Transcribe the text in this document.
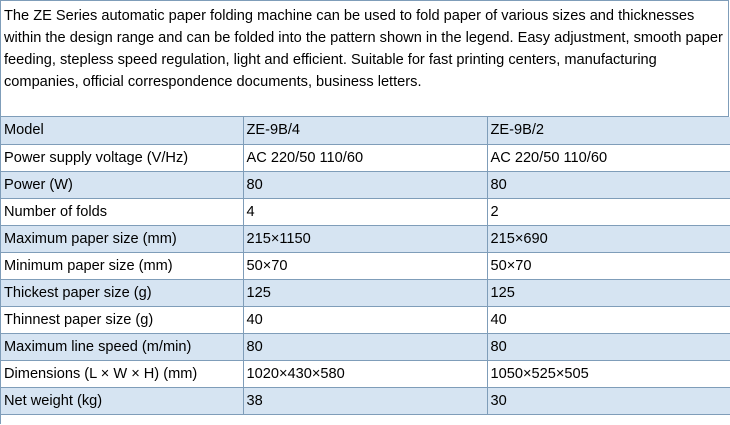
The ZE Series automatic paper folding machine can be used to fold paper of various sizes and thicknesses within the design range and can be folded into the pattern shown in the legend. Easy adjustment, smooth paper feeding, stepless speed regulation, light and efficient. Suitable for fast printing centers, manufacturing companies, official correspondence documents, business letters.
Model	ZE-9B/4	ZE-9B/2
Power supply voltage (V/Hz)	AC 220/50 110/60	AC 220/50 110/60
Power (W)	80	80
Number of folds	4	2
Maximum paper size (mm)	215×1150	215×690
Minimum paper size (mm)	50×70	50×70
Thickest paper size (g)	125	125
Thinnest paper size (g)	40	40
Maximum line speed (m/min)	80	80
Dimensions (L × W × H) (mm)	1020×430×580	1050×525×505
Net weight (kg)	38	30
